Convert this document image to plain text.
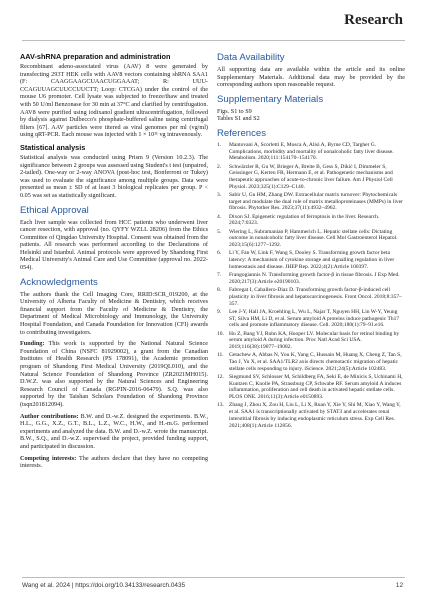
Research
AAV-shRNA preparation and administration

Recombinant adeno-associated virus (AAV) 8 were generated by transfecting 293T HEK cells with AAV8 vectors containing shRNA SAA1 (F: CAAGGAAGCUAACUGGAAAT; R: UUU-CCAGUUAGCUUCCUUCTT; Loop: CTCGA) under the control of the mouse U6 promoter. Cell lysate was subjected to freeze/thaw and treated with 50 U/ml Benzonase for 30 min at 37°C and clarified by centrifugation. AAV8 were purified using iodixanol gradient ultracentrifugation, followed by dialysis against Dulbecco's phosphate-buffered saline using centrifugal filters [67]. AAV particles were titered as viral genomes per ml (vg/ml) using qRT-PCR. Each mouse was injected with 1 × 10¹¹ vg intravenously.

Statistical analysis

Statistical analysis was conducted using Prism 9 (Version 10.2.3). The significance between 2 groups was assessed using Student's t test (unpaired, 2-tailed). One-way or 2-way ANOVA (post-hoc test, Bonferroni or Tukey) was used to evaluate the significance among multiple groups. Data were presented as mean ± SD of at least 3 biological replicates per group. P < 0.05 was set as statistically significant.

Ethical Approval

Each liver sample was collected from HCC patients who underwent liver cancer resection, with approval (no. QYFY WZLL 28206) from the Ethics Committee of Qingdao University Hospital. Consent was obtained from the patients. All research was performed according to the Declarations of Helsinki and Istanbul. Animal protocols were approved by Shandong First Medical University's Animal Care and Use Committee (approval no. 2022-054).

Acknowledgments

The authors thank the Cell Imaging Core, RRID:SCR_019200, at the University of Alberta Faculty of Medicine & Dentistry, which receives financial support from the Faculty of Medicine & Dentistry, the Department of Medical Microbiology and Immunology, the University Hospital Foundation, and Canada Foundation for Innovation (CFI) awards to contributing investigators.

Funding: This work is supported by the National Natural Science Foundation of China (NSFC 81929002), a grant from the Canadian Institutes of Health Research (PS 178091), the Academic promotion program of Shandong First Medical University (2019QL010), and the Natural Science Foundation of Shandong Province (ZR2021MH015). D.W.Z. was also supported by the Natural Sciences and Engineering Research Council of Canada (RGPIN-2016-06479). S.Q. was also supported by the Taishan Scholars Foundation of Shandong Province (tsqn201812094).

Author contributions: B.W. and D.-w.Z. designed the experiments. B.W., H.L., G.G., X.Z., G.T., B.L., L.Z., W.C., H.W., and H.-m.G. performed experiments and analyzed the data. B.W. and D.-w.Z. wrote the manuscript. B.W., S.Q., and D.-w.Z. supervised the project, provided funding support, and participated in discussion.

Competing interests: The authors declare that they have no competing interests.

Data Availability

All supporting data are available within the article and its online Supplementary Materials. Additional data may be provided by the corresponding authors upon reasonable request.

Supplementary Materials

Figs. S1 to S9

Tables S1 and S2

References
1.	Mantovani A, Scorletti E, Mosca A, Alisi A, Byrne CD, Targher G. Complications, morbidity and mortality of nonalcoholic fatty liver disease. Metabolism. 2020;111:154170–154170.
2.	Schwärzler R, Gu W, Brieger A, Breite B, Gess S, Dikić I, Dimmeler S, Geissinger G, Kerten FR, Hermann E, et al. Pathogenetic mechanisms and therapeutic approaches of acute-to-chronic liver failure. Am J Physiol Cell Physiol. 2023;325(1):C129–C140.
3.	Sabir U, Gu HM, Zhang DW. Extracellular matrix turnover: Phytochemicals target and modulate the dual role of matrix metalloproteinases (MMPs) in liver fibrosis. Phytother Res. 2023;37(11):4932–4962.
4.	Dixon SJ. Epigenetic regulation of ferroptosis in the liver. Research. 2024;7:0323.
5.	Wiering L, Subramanian P, Hammerich L. Hepatic stellate cells: Dictating outcome in nonalcoholic fatty liver disease. Cell Mol Gastroenterol Hepatol. 2023;15(6):1277–1292.
6.	Li Y, Fan W, Link F, Wang S, Dooley S. Transforming growth factor beta latency: A mechanism of cytokine storage and signalling regulation in liver homeostasis and disease. JHEP Rep. 2022;4(2):Article 100397.
7.	Frangogiannis N. Transforming growth factor-β in tissue fibrosis. J Exp Med. 2020;217(3):Article e20190103.
8.	Fabregat I, Caballero-Diaz D. Transforming growth factor-β-induced cell plasticity in liver fibrosis and hepatocarcinogenesis. Front Oncol. 2018;8:357–357.
9.	Lee J-Y, Hall JA, Kroehling L, Wu L, Najar T, Nguyen HH, Lin W-Y, Yeung ST, Silva HM, Li D, et al. Serum amyloid A proteins induce pathogenic Th17 cells and promote inflammatory disease. Cell. 2020;180(1):79–91.e16.
10. Hu Z, Bang YJ, Ruhn KA, Hooper LV. Molecular basis for retinol binding by serum amyloid A during infection. Proc Natl Acad Sci USA. 2019;116(38):19077–19082.
11. Getachew A, Abbas N, You K, Yang C, Hussain M, Huang X, Cheng Z, Tan S, Tao J, Yu X, et al. SAA1/TLR2 axis directs chemotactic migration of hepatic stellate cells responding to injury. iScience. 2021;24(5):Article 102483.
12. Siegmund SV, Schlosser M, Schildberg FA, Seki E, de Minicis S, Uchinami H, Kuntzen C, Knolle PA, Strassburg CP, Schwabe RF. Serum amyloid A induces inflammation, proliferation and cell death in activated hepatic stellate cells. PLOS ONE. 2016;11(3):Article e0150893.
13. Zhang J, Zhou X, Zou H, Liu L, Li X, Ruan Y, Xie Y, Shi M, Xiao Y, Wang Y, et al. SAA1 is transcriptionally activated by STAT3 and accelerates renal interstitial fibrosis by inducing endoplasmic reticulum stress. Exp Cell Res. 2021;408(1):Article 112856.
Wang et al. 2024 | https://doi.org/10.34133/research.0435	12
